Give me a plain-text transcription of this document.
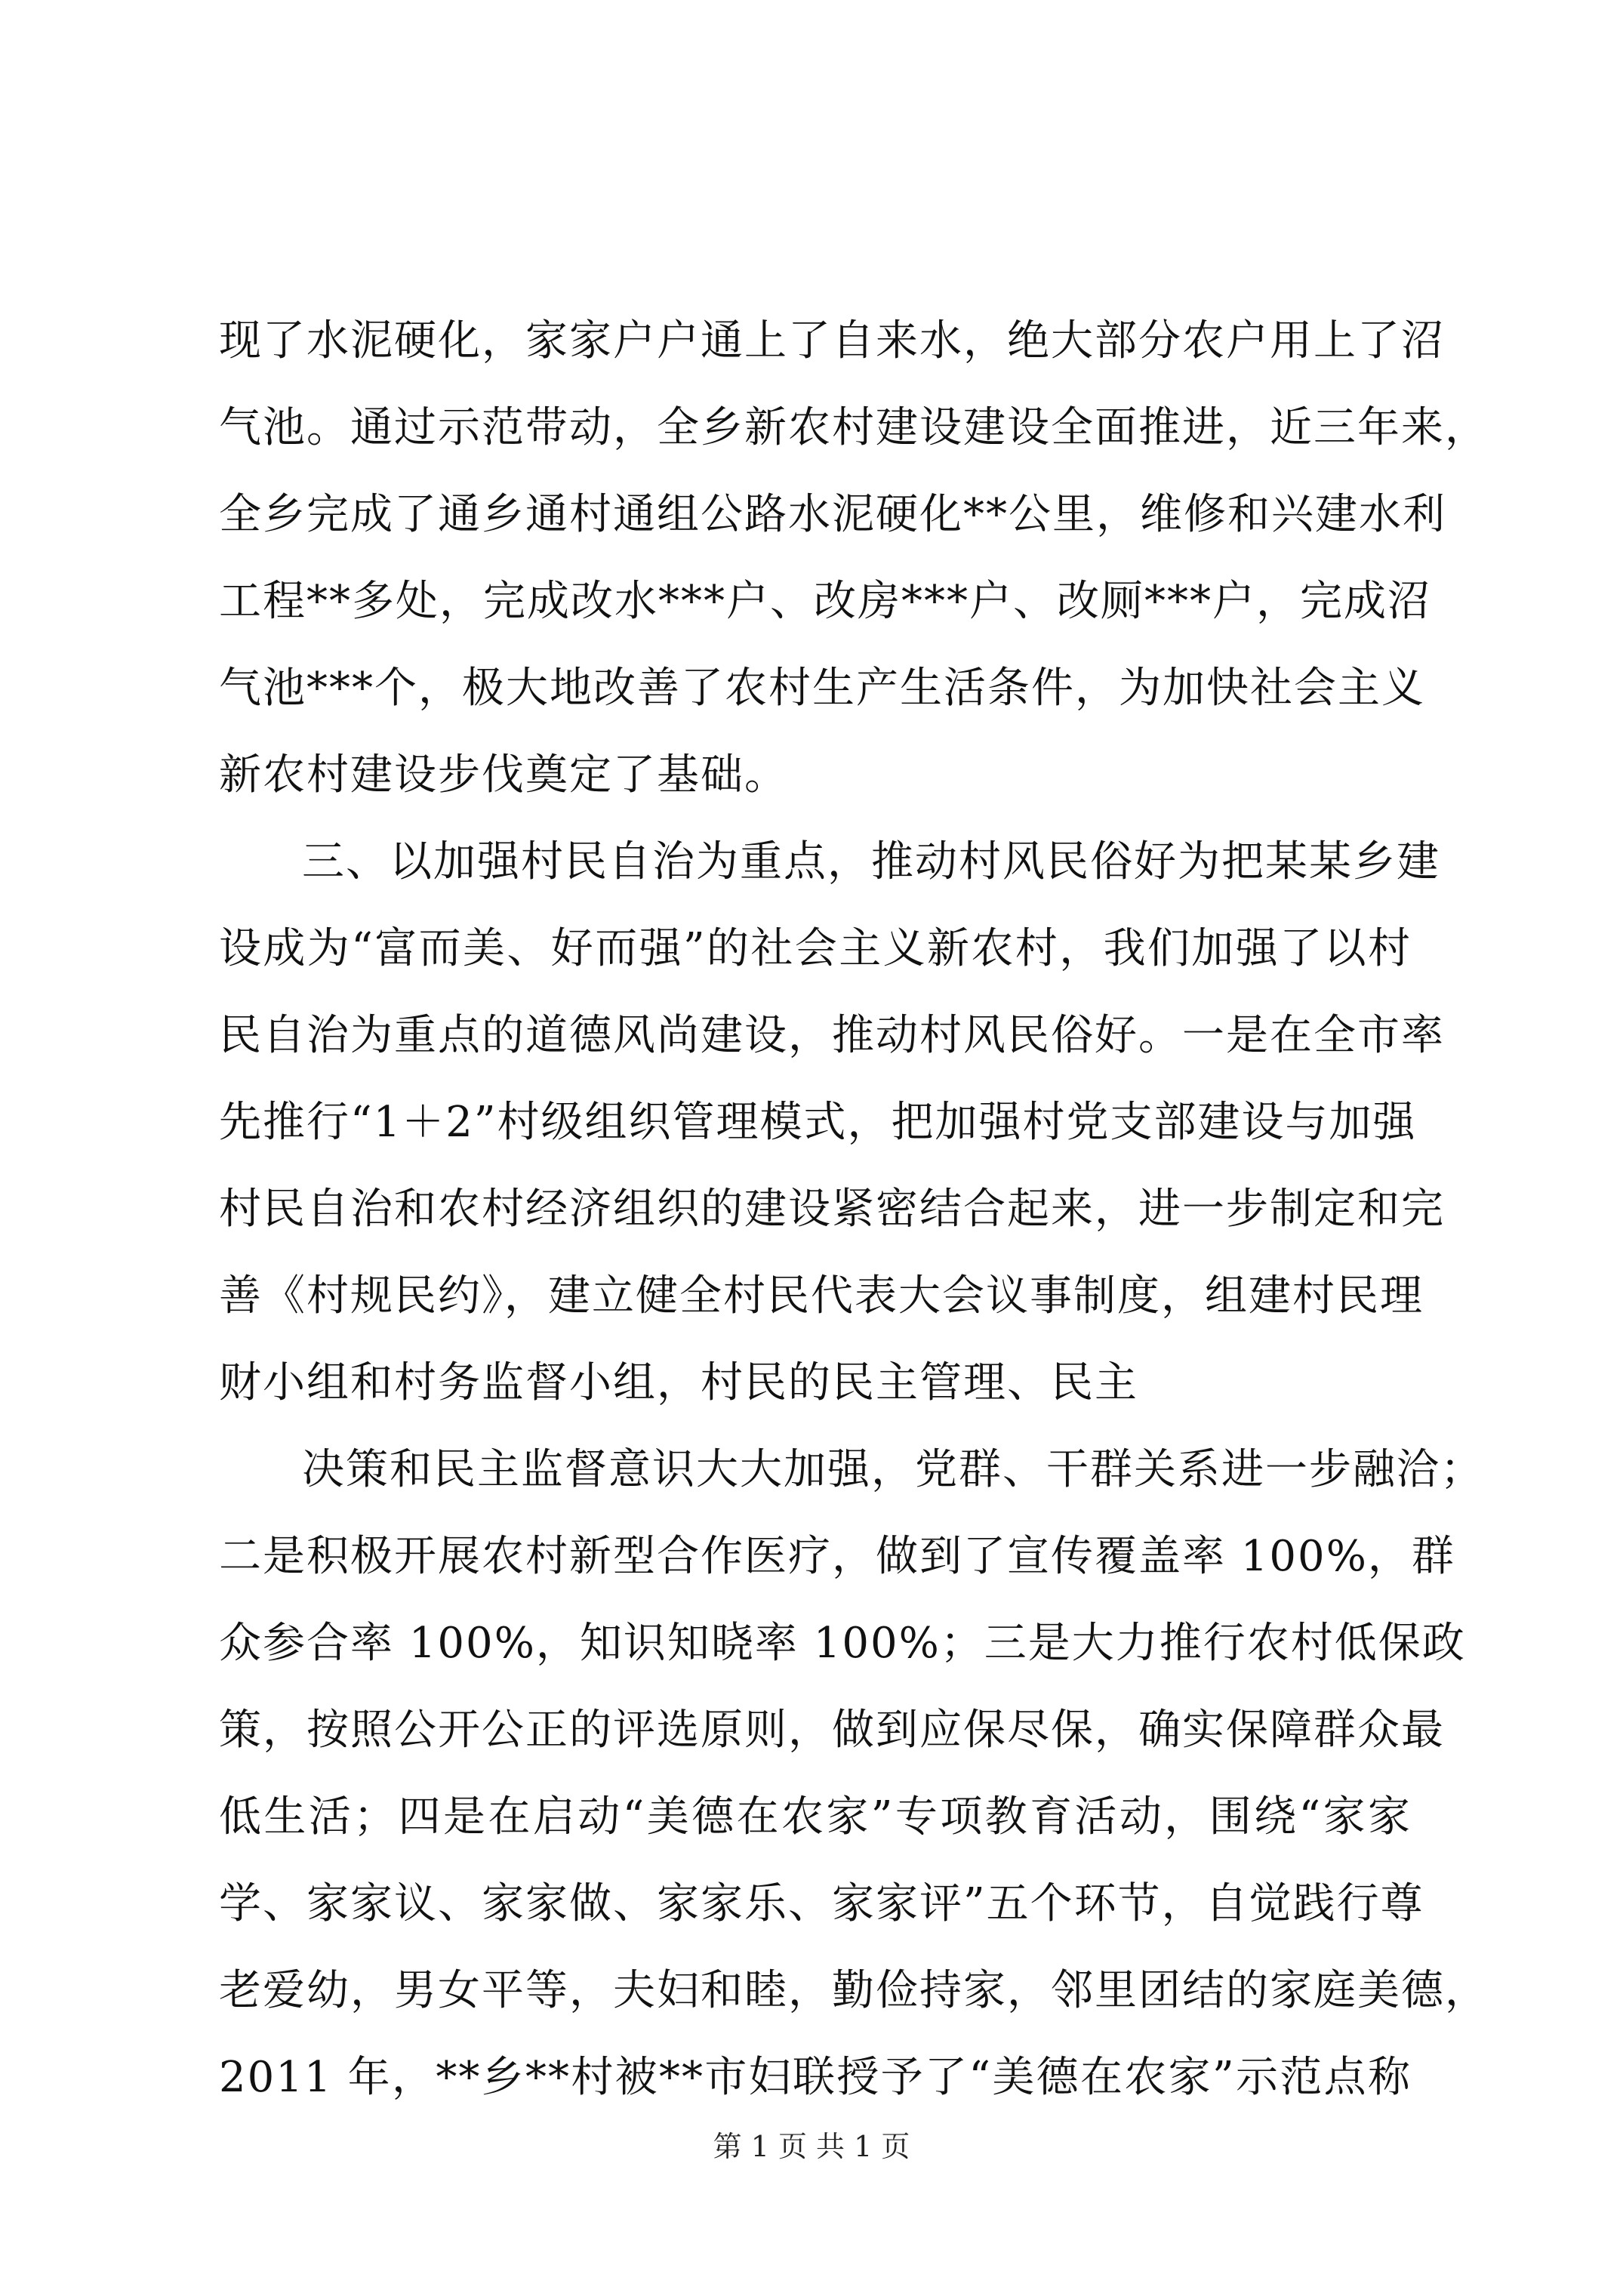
现了水泥硬化，家家户户通上了自来水，绝大部分农户用上了沼
气池。通过示范带动，全乡新农村建设建设全面推进，近三年来，
全乡完成了通乡通村通组公路水泥硬化**公里，维修和兴建水利
工程**多处，完成改水***户、改房***户、改厕***户，完成沼
气池***个，极大地改善了农村生产生活条件，为加快社会主义
新农村建设步伐奠定了基础。
三、以加强村民自治为重点，推动村风民俗好为把某某乡建
设成为“富而美、好而强”的社会主义新农村，我们加强了以村
民自治为重点的道德风尚建设，推动村风民俗好。一是在全市率
先推行“1＋2”村级组织管理模式，把加强村党支部建设与加强
村民自治和农村经济组织的建设紧密结合起来，进一步制定和完
善《村规民约》，建立健全村民代表大会议事制度，组建村民理
财小组和村务监督小组，村民的民主管理、民主
决策和民主监督意识大大加强，党群、干群关系进一步融洽；
二是积极开展农村新型合作医疗，做到了宣传覆盖率 100%，群
众参合率 100%，知识知晓率 100%；三是大力推行农村低保政
策，按照公开公正的评选原则，做到应保尽保，确实保障群众最
低生活；四是在启动“美德在农家”专项教育活动，围绕“家家
学、家家议、家家做、家家乐、家家评”五个环节，自觉践行尊
老爱幼，男女平等，夫妇和睦，勤俭持家，邻里团结的家庭美德，
2011 年，**乡**村被**市妇联授予了“美德在农家”示范点称
第 1 页 共 1 页
